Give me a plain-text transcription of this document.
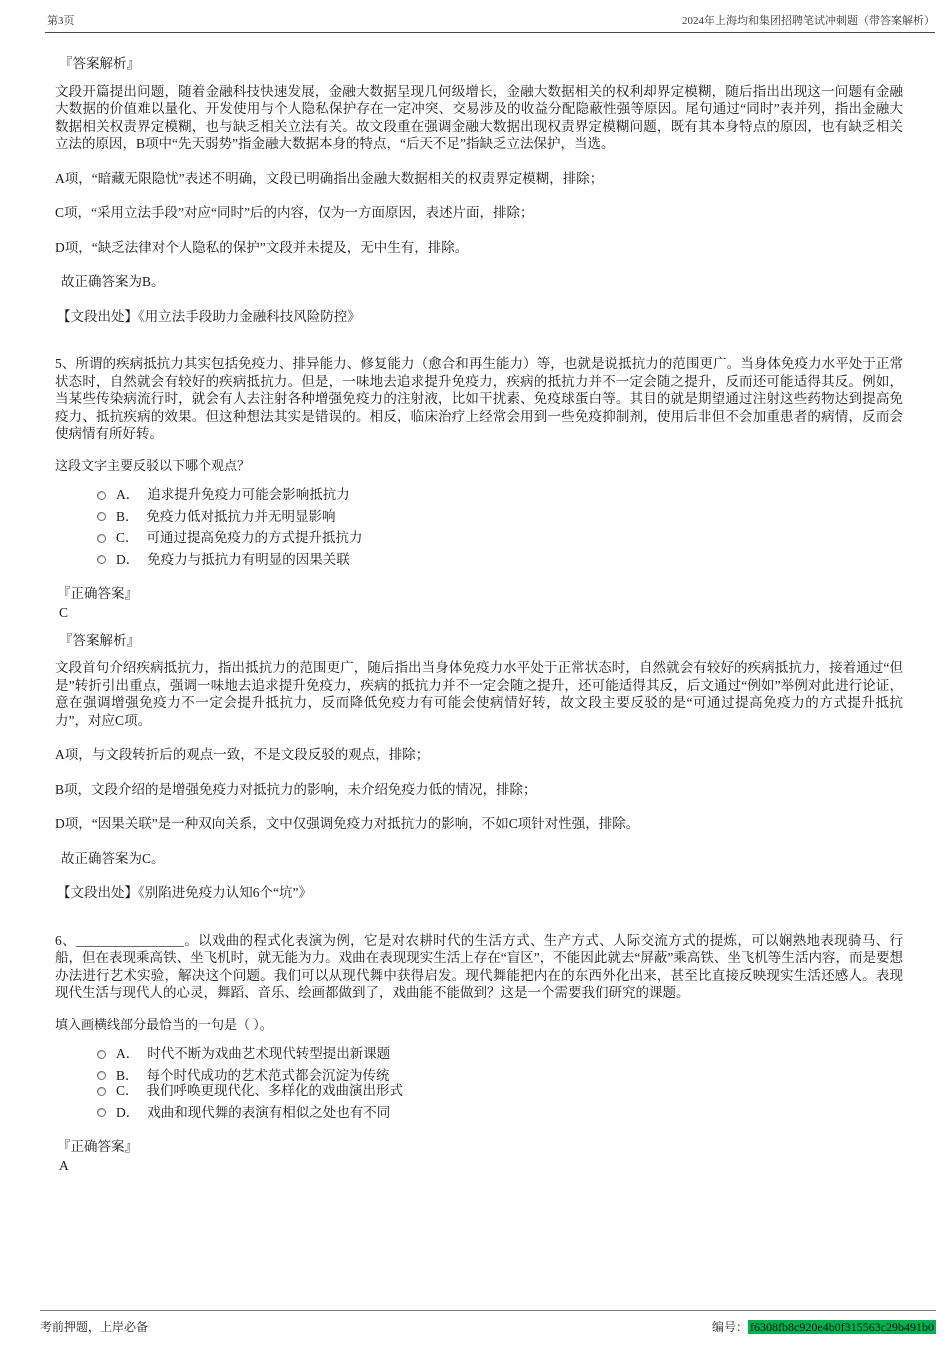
第3页	2024年上海均和集团招聘笔试冲刺题（带答案解析）
『答案解析』
文段开篇提出问题，随着金融科技快速发展，金融大数据呈现几何级增长，金融大数据相关的权利却界定模糊，随后指出出现这一问题有金融大数据的价值难以量化、开发使用与个人隐私保护存在一定冲突、交易涉及的收益分配隐蔽性强等原因。尾句通过“同时”表并列，指出金融大数据相关权责界定模糊，也与缺乏相关立法有关。故文段重在强调金融大数据出现权责界定模糊问题，既有其本身特点的原因，也有缺乏相关立法的原因，B项中“先天弱势”指金融大数据本身的特点，“后天不足”指缺乏立法保护，当选。
A项，“暗藏无限隐忧”表述不明确，文段已明确指出金融大数据相关的权责界定模糊，排除；
C项，“采用立法手段”对应“同时”后的内容，仅为一方面原因，表述片面，排除；
D项，“缺乏法律对个人隐私的保护”文段并未提及，无中生有，排除。
故正确答案为B。
【文段出处】《用立法手段助力金融科技风险防控》
5、所谓的疾病抵抗力其实包括免疫力、排异能力、修复能力（愈合和再生能力）等，也就是说抵抗力的范围更广。当身体免疫力水平处于正常状态时，自然就会有较好的疾病抵抗力。但是，一味地去追求提升免疫力，疾病的抵抗力并不一定会随之提升，反而还可能适得其反。例如，当某些传染病流行时，就会有人去注射各种增强免疫力的注射液，比如干扰素、免疫球蛋白等。其目的就是期望通过注射这些药物达到提高免疫力、抵抗疾病的效果。但这种想法其实是错误的。相反，临床治疗上经常会用到一些免疫抑制剂，使用后非但不会加重患者的病情，反而会使病情有所好转。
这段文字主要反驳以下哪个观点？
A． 追求提升免疫力可能会影响抵抗力
B． 免疫力低对抵抗力并无明显影响
C． 可通过提高免疫力的方式提升抵抗力
D． 免疫力与抵抗力有明显的因果关联
『正确答案』
C
『答案解析』
文段首句介绍疾病抵抗力，指出抵抗力的范围更广，随后指出当身体免疫力水平处于正常状态时，自然就会有较好的疾病抵抗力，接着通过“但是”转折引出重点，强调一味地去追求提升免疫力，疾病的抵抗力并不一定会随之提升，还可能适得其反，后文通过“例如”举例对此进行论证，意在强调增强免疫力不一定会提升抵抗力，反而降低免疫力有可能会使病情好转，故文段主要反驳的是“可通过提高免疫力的方式提升抵抗力”，对应C项。
A项，与文段转折后的观点一致，不是文段反驳的观点，排除；
B项，文段介绍的是增强免疫力对抵抗力的影响，未介绍免疫力低的情况，排除；
D项，“因果关联”是一种双向关系，文中仅强调免疫力对抵抗力的影响，不如C项针对性强，排除。
故正确答案为C。
【文段出处】《别陷进免疫力认知6个“坑”》
6、________________。以戏曲的程式化表演为例，它是对农耕时代的生活方式、生产方式、人际交流方式的提炼，可以娴熟地表现骑马、行船，但在表现乘高铁、坐飞机时，就无能为力。戏曲在表现现实生活上存在“盲区”，不能因此就去“屏蔽”乘高铁、坐飞机等生活内容，而是要想办法进行艺术实验，解决这个问题。我们可以从现代舞中获得启发。现代舞能把内在的东西外化出来，甚至比直接反映现实生活还感人。表现现代生活与现代人的心灵，舞蹈、音乐、绘画都做到了，戏曲能不能做到？这是一个需要我们研究的课题。
填入画横线部分最恰当的一句是（ ）。
A． 时代不断为戏曲艺术现代转型提出新课题
B． 每个时代成功的艺术范式都会沉淀为传统
C． 我们呼唤更现代化、多样化的戏曲演出形式
D． 戏曲和现代舞的表演有相似之处也有不同
『正确答案』
A
考前押题，上岸必备	编号： f6308fb8c920e4b0f315563c29b491b0
